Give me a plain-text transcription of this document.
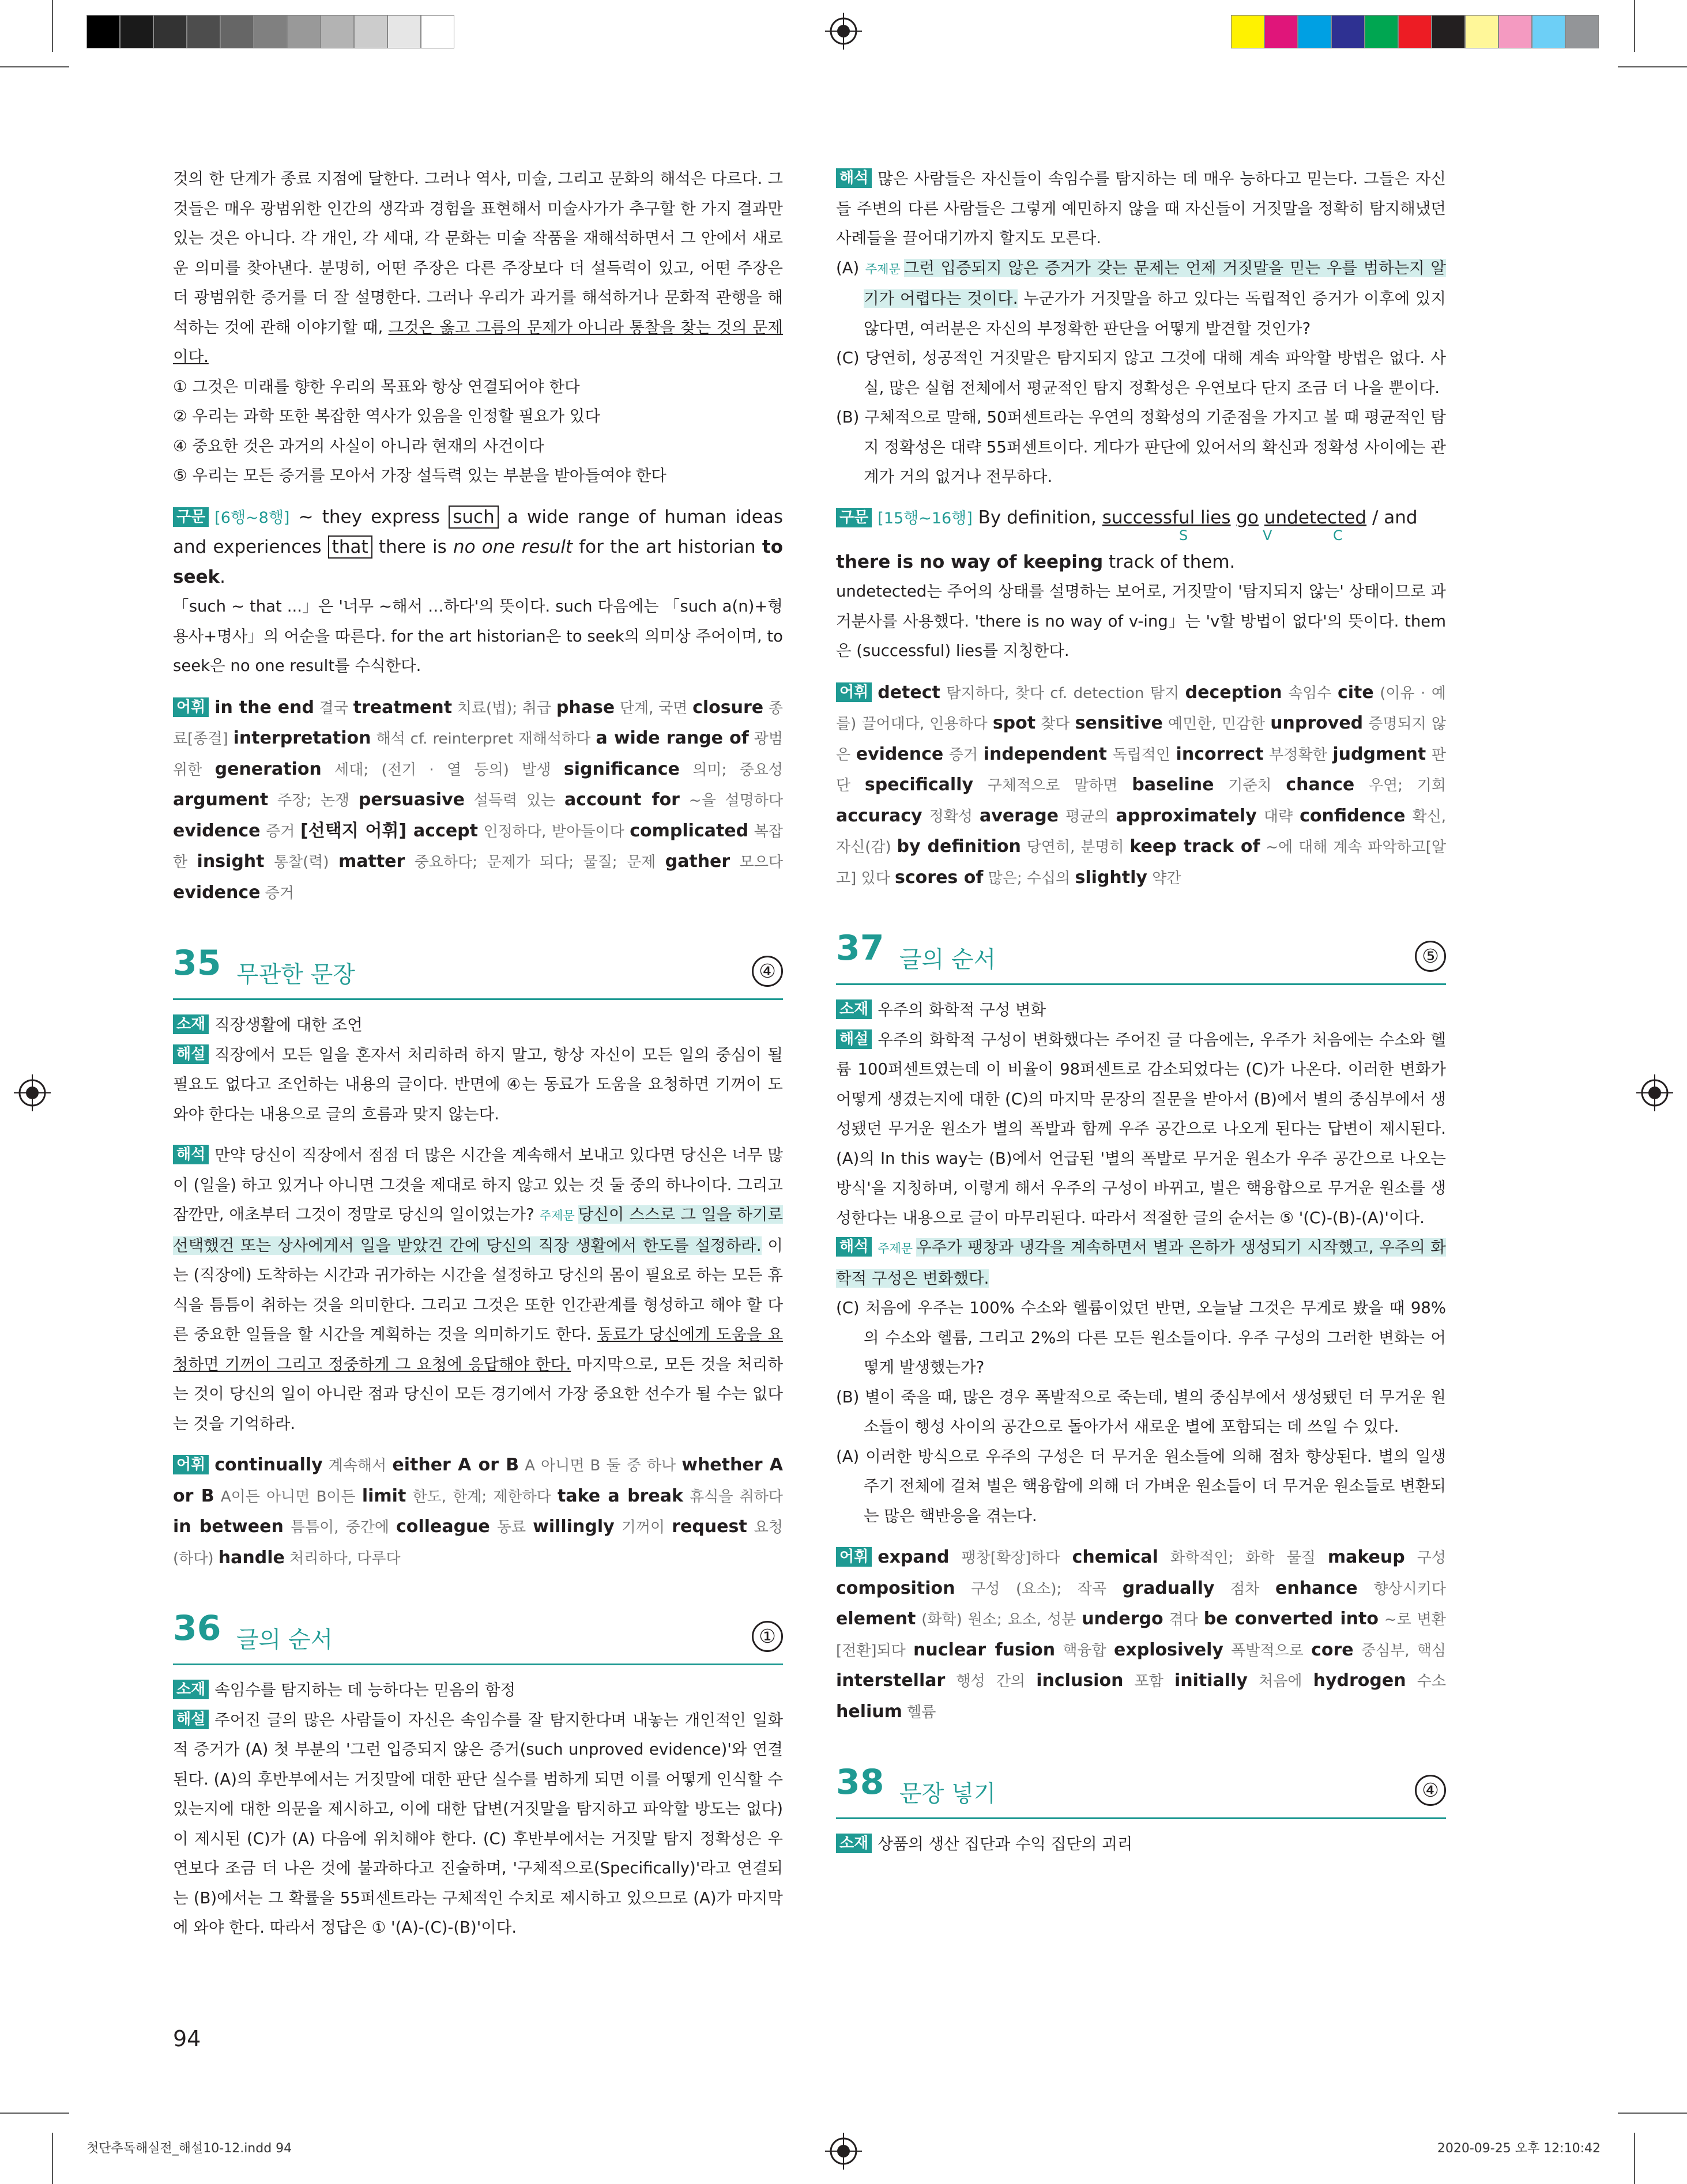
것의 한 단계가 종료 지점에 달한다. 그러나 역사, 미술, 그리고 문화의 해석은 다르다. 그것들은 매우 광범위한 인간의 생각과 경험을 표현해서 미술사가가 추구할 한 가지 결과만 있는 것은 아니다. 각 개인, 각 세대, 각 문화는 미술 작품을 재해석하면서 그 안에서 새로운 의미를 찾아낸다. 분명히, 어떤 주장은 다른 주장보다 더 설득력이 있고, 어떤 주장은 더 광범위한 증거를 더 잘 설명한다. 그러나 우리가 과거를 해석하거나 문화적 관행을 해석하는 것에 관해 이야기할 때, 그것은 옳고 그름의 문제가 아니라 통찰을 찾는 것의 문제이다.

① 그것은 미래를 향한 우리의 목표와 항상 연결되어야 한다

② 우리는 과학 또한 복잡한 역사가 있음을 인정할 필요가 있다

④ 중요한 것은 과거의 사실이 아니라 현재의 사건이다

⑤ 우리는 모든 증거를 모아서 가장 설득력 있는 부분을 받아들여야 한다

구문 [6행~8행] ~ they express such a wide range of human ideas and experiences that there is no one result for the art historian to seek.

「such ~ that ...」은 '너무 ~해서 …하다'의 뜻이다. such 다음에는 「such a(n)+형용사+명사」의 어순을 따른다. for the art historian은 to seek의 의미상 주어이며, to seek은 no one result를 수식한다.

어휘 in the end 결국 treatment 치료(법); 취급 phase 단계, 국면 closure 종료[종결] interpretation 해석 cf. reinterpret 재해석하다 a wide range of 광범위한 generation 세대; (전기 · 열 등의) 발생 significance 의미; 중요성 argument 주장; 논쟁 persuasive 설득력 있는 account for ~을 설명하다 evidence 증거 [선택지 어휘] accept 인정하다, 받아들이다 complicated 복잡한 insight 통찰(력) matter 중요하다; 문제가 되다; 물질; 문제 gather 모으다 evidence 증거

35 무관한 문장	④

소재 직장생활에 대한 조언

해설 직장에서 모든 일을 혼자서 처리하려 하지 말고, 항상 자신이 모든 일의 중심이 될 필요도 없다고 조언하는 내용의 글이다. 반면에 ④는 동료가 도움을 요청하면 기꺼이 도와야 한다는 내용으로 글의 흐름과 맞지 않는다.

해석 만약 당신이 직장에서 점점 더 많은 시간을 계속해서 보내고 있다면 당신은 너무 많이 (일을) 하고 있거나 아니면 그것을 제대로 하지 않고 있는 것 둘 중의 하나이다. 그리고 잠깐만, 애초부터 그것이 정말로 당신의 일이었는가? 주제문 당신이 스스로 그 일을 하기로 선택했건 또는 상사에게서 일을 받았건 간에 당신의 직장 생활에서 한도를 설정하라. 이는 (직장에) 도착하는 시간과 귀가하는 시간을 설정하고 당신의 몸이 필요로 하는 모든 휴식을 틈틈이 취하는 것을 의미한다. 그리고 그것은 또한 인간관계를 형성하고 해야 할 다른 중요한 일들을 할 시간을 계획하는 것을 의미하기도 한다. 동료가 당신에게 도움을 요청하면 기꺼이 그리고 정중하게 그 요청에 응답해야 한다. 마지막으로, 모든 것을 처리하는 것이 당신의 일이 아니란 점과 당신이 모든 경기에서 가장 중요한 선수가 될 수는 없다는 것을 기억하라.

어휘 continually 계속해서 either A or B A 아니면 B 둘 중 하나 whether A or B A이든 아니면 B이든 limit 한도, 한계; 제한하다 take a break 휴식을 취하다 in between 틈틈이, 중간에 colleague 동료 willingly 기꺼이 request 요청(하다) handle 처리하다, 다루다

36 글의 순서	①

소재 속임수를 탐지하는 데 능하다는 믿음의 함정

해설 주어진 글의 많은 사람들이 자신은 속임수를 잘 탐지한다며 내놓는 개인적인 일화적 증거가 (A) 첫 부분의 '그런 입증되지 않은 증거(such unproved evidence)'와 연결된다. (A)의 후반부에서는 거짓말에 대한 판단 실수를 범하게 되면 이를 어떻게 인식할 수 있는지에 대한 의문을 제시하고, 이에 대한 답변(거짓말을 탐지하고 파악할 방도는 없다)이 제시된 (C)가 (A) 다음에 위치해야 한다. (C) 후반부에서는 거짓말 탐지 정확성은 우연보다 조금 더 나은 것에 불과하다고 진술하며, '구체적으로(Specifically)'라고 연결되는 (B)에서는 그 확률을 55퍼센트라는 구체적인 수치로 제시하고 있으므로 (A)가 마지막에 와야 한다. 따라서 정답은 ① '(A)-(C)-(B)'이다.

해석 많은 사람들은 자신들이 속임수를 탐지하는 데 매우 능하다고 믿는다. 그들은 자신들 주변의 다른 사람들은 그렇게 예민하지 않을 때 자신들이 거짓말을 정확히 탐지해냈던 사례들을 끌어대기까지 할지도 모른다.

(A) 주제문 그런 입증되지 않은 증거가 갖는 문제는 언제 거짓말을 믿는 우를 범하는지 알기가 어렵다는 것이다. 누군가가 거짓말을 하고 있다는 독립적인 증거가 이후에 있지 않다면, 여러분은 자신의 부정확한 판단을 어떻게 발견할 것인가?

(C) 당연히, 성공적인 거짓말은 탐지되지 않고 그것에 대해 계속 파악할 방법은 없다. 사실, 많은 실험 전체에서 평균적인 탐지 정확성은 우연보다 단지 조금 더 나을 뿐이다.

(B) 구체적으로 말해, 50퍼센트라는 우연의 정확성의 기준점을 가지고 볼 때 평균적인 탐지 정확성은 대략 55퍼센트이다. 게다가 판단에 있어서의 확신과 정확성 사이에는 관계가 거의 없거나 전무하다.

구문 [15행~16행] By definition, successful lies go undetected / and

S	V	C

there is no way of keeping track of them.

undetected는 주어의 상태를 설명하는 보어로, 거짓말이 '탐지되지 않는' 상태이므로 과거분사를 사용했다. 'there is no way of v-ing」는 'v할 방법이 없다'의 뜻이다. them은 (successful) lies를 지칭한다.

어휘 detect 탐지하다, 찾다 cf. detection 탐지 deception 속임수 cite (이유 · 예를) 끌어대다, 인용하다 spot 찾다 sensitive 예민한, 민감한 unproved 증명되지 않은 evidence 증거 independent 독립적인 incorrect 부정확한 judgment 판단 specifically 구체적으로 말하면 baseline 기준치 chance 우연; 기회 accuracy 정확성 average 평균의 approximately 대략 confidence 확신, 자신(감) by definition 당연히, 분명히 keep track of ~에 대해 계속 파악하고[알고] 있다 scores of 많은; 수십의 slightly 약간

37 글의 순서	⑤

소재 우주의 화학적 구성 변화

해설 우주의 화학적 구성이 변화했다는 주어진 글 다음에는, 우주가 처음에는 수소와 헬륨 100퍼센트였는데 이 비율이 98퍼센트로 감소되었다는 (C)가 나온다. 이러한 변화가 어떻게 생겼는지에 대한 (C)의 마지막 문장의 질문을 받아서 (B)에서 별의 중심부에서 생성됐던 무거운 원소가 별의 폭발과 함께 우주 공간으로 나오게 된다는 답변이 제시된다. (A)의 In this way는 (B)에서 언급된 '별의 폭발로 무거운 원소가 우주 공간으로 나오는 방식'을 지칭하며, 이렇게 해서 우주의 구성이 바뀌고, 별은 핵융합으로 무거운 원소를 생성한다는 내용으로 글이 마무리된다. 따라서 적절한 글의 순서는 ⑤ '(C)-(B)-(A)'이다.

해석 주제문 우주가 팽창과 냉각을 계속하면서 별과 은하가 생성되기 시작했고, 우주의 화학적 구성은 변화했다.

(C) 처음에 우주는 100% 수소와 헬륨이었던 반면, 오늘날 그것은 무게로 봤을 때 98%의 수소와 헬륨, 그리고 2%의 다른 모든 원소들이다. 우주 구성의 그러한 변화는 어떻게 발생했는가?

(B) 별이 죽을 때, 많은 경우 폭발적으로 죽는데, 별의 중심부에서 생성됐던 더 무거운 원소들이 행성 사이의 공간으로 돌아가서 새로운 별에 포함되는 데 쓰일 수 있다.

(A) 이러한 방식으로 우주의 구성은 더 무거운 원소들에 의해 점차 향상된다. 별의 일생 주기 전체에 걸쳐 별은 핵융합에 의해 더 가벼운 원소들이 더 무거운 원소들로 변환되는 많은 핵반응을 겪는다.

어휘 expand 팽창[확장]하다 chemical 화학적인; 화학 물질 makeup 구성 composition 구성 (요소); 작곡 gradually 점차 enhance 향상시키다 element (화학) 원소; 요소, 성분 undergo 겪다 be converted into ~로 변환[전환]되다 nuclear fusion 핵융합 explosively 폭발적으로 core 중심부, 핵심 interstellar 행성 간의 inclusion 포함 initially 처음에 hydrogen 수소 helium 헬륨

38 문장 넣기	④

소재 상품의 생산 집단과 수익 집단의 괴리

94
첫단추독해실전_해설10-12.indd 94	2020-09-25 오후 12:10:42
